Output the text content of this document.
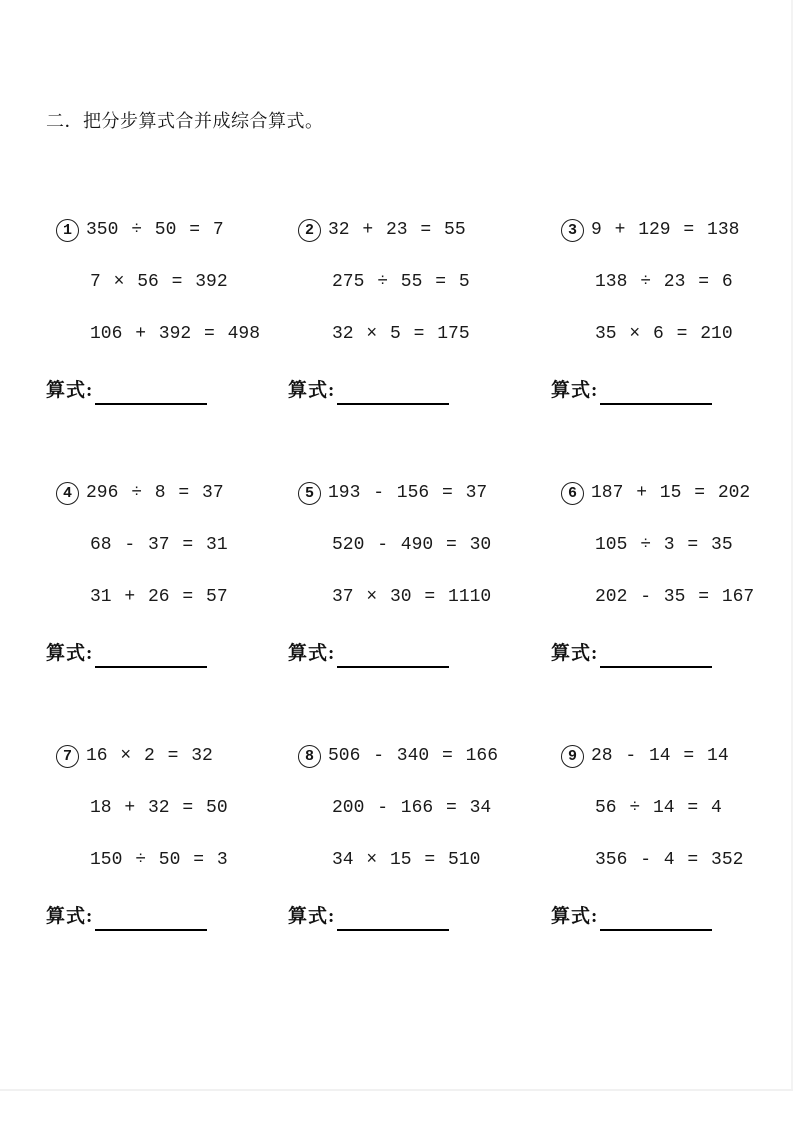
二．把分步算式合并成综合算式。
1 350 ÷ 50 = 7
7 × 56 = 392
106 + 392 = 498
算式:
2 32 + 23 = 55
275 ÷ 55 = 5
32 × 5 = 175
算式:
3 9 + 129 = 138
138 ÷ 23 = 6
35 × 6 = 210
算式:
4 296 ÷ 8 = 37
68 - 37 = 31
31 + 26 = 57
算式:
5 193 - 156 = 37
520 - 490 = 30
37 × 30 = 1110
算式:
6 187 + 15 = 202
105 ÷ 3 = 35
202 - 35 = 167
算式:
7 16 × 2 = 32
18 + 32 = 50
150 ÷ 50 = 3
算式:
8 506 - 340 = 166
200 - 166 = 34
34 × 15 = 510
算式:
9 28 - 14 = 14
56 ÷ 14 = 4
356 - 4 = 352
算式:
